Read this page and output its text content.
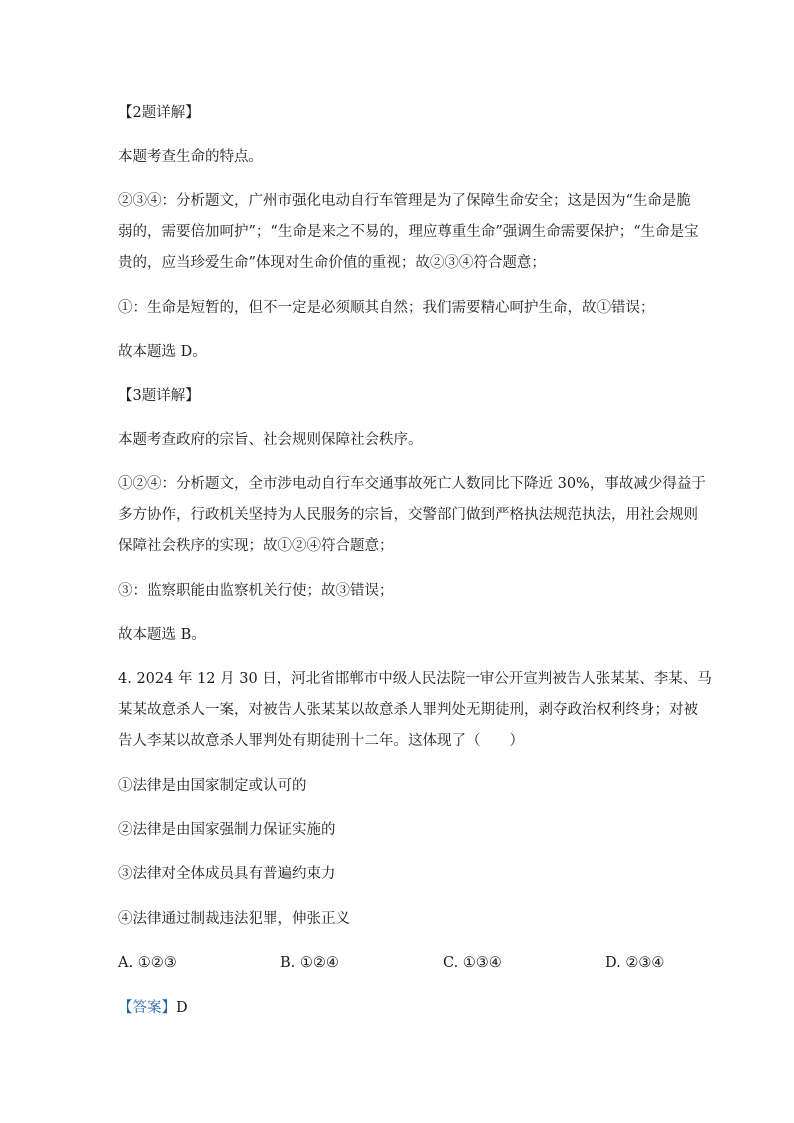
【2题详解】
本题考查生命的特点。
②③④：分析题文，广州市强化电动自行车管理是为了保障生命安全；这是因为“生命是脆
弱的，需要倍加呵护”；“生命是来之不易的，理应尊重生命”强调生命需要保护；“生命是宝
贵的，应当珍爱生命”体现对生命价值的重视；故②③④符合题意；
①：生命是短暂的，但不一定是必须顺其自然；我们需要精心呵护生命，故①错误；
故本题选 D。
【3题详解】
本题考查政府的宗旨、社会规则保障社会秩序。
①②④：分析题文，全市涉电动自行车交通事故死亡人数同比下降近 30%，事故减少得益于
多方协作，行政机关坚持为人民服务的宗旨，交警部门做到严格执法规范执法，用社会规则
保障社会秩序的实现；故①②④符合题意；
③：监察职能由监察机关行使；故③错误；
故本题选 B。
4. 2024 年 12 月 30 日，河北省邯郸市中级人民法院一审公开宣判被告人张某某、李某、马
某某故意杀人一案，对被告人张某某以故意杀人罪判处无期徒刑，剥夺政治权利终身；对被
告人李某以故意杀人罪判处有期徒刑十二年。这体现了（　　）
①法律是由国家制定或认可的
②法律是由国家强制力保证实施的
③法律对全体成员具有普遍约束力
④法律通过制裁违法犯罪，伸张正义
A. ①②③	B. ①②④	C. ①③④	D. ②③④
【答案】D
